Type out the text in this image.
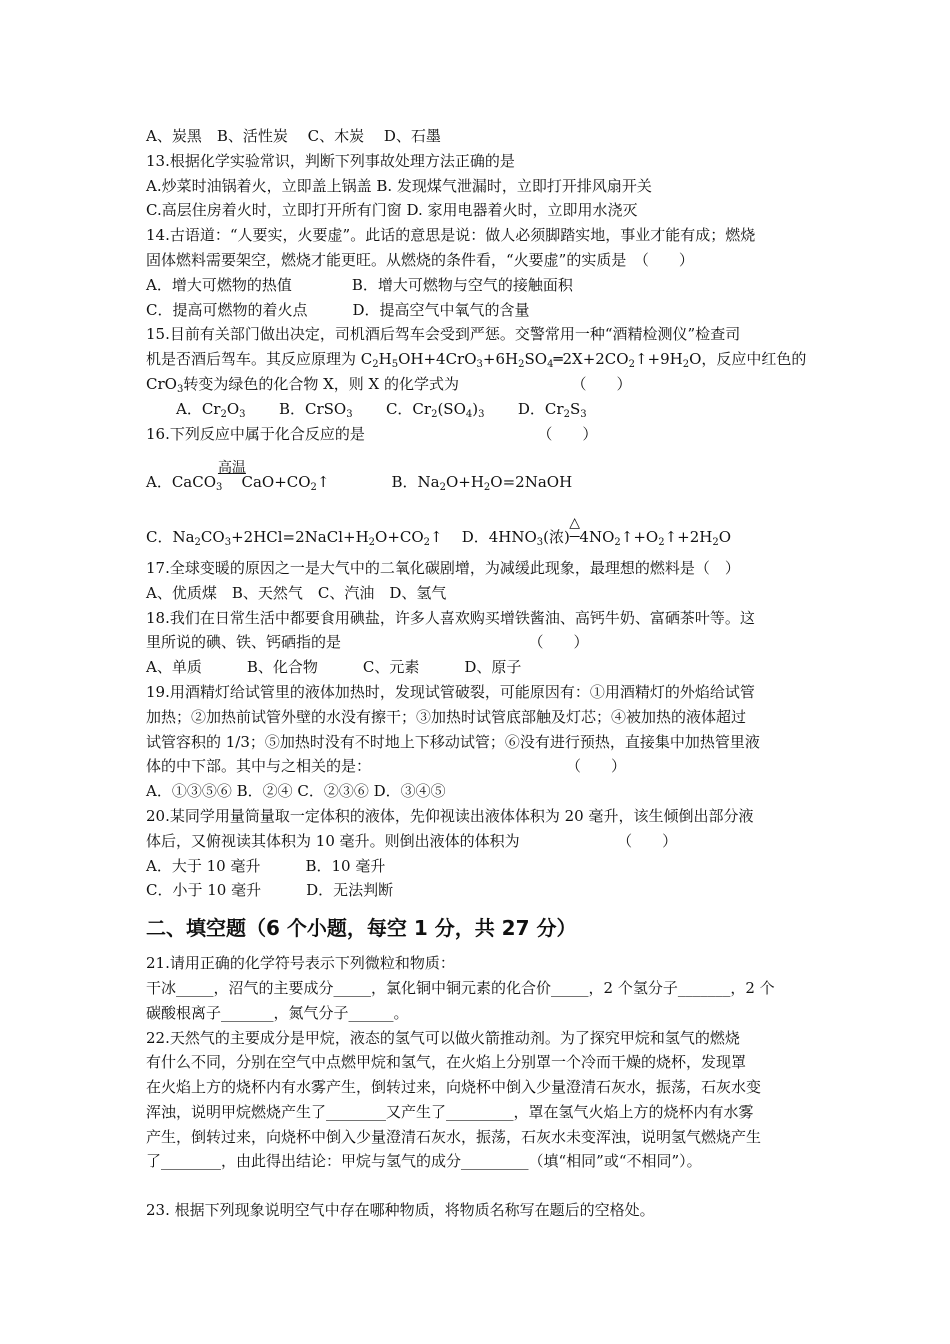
A、炭黑　B、活性炭　 C、木炭　 D、石墨
13.根据化学实验常识，判断下列事故处理方法正确的是
A.炒菜时油锅着火，立即盖上锅盖 B. 发现煤气泄漏时，立即打开排风扇开关
C.高层住房着火时，立即打开所有门窗 D. 家用电器着火时，立即用水浇灭
14.古语道：“人要实，火要虚”。此话的意思是说：做人必须脚踏实地，事业才能有成；燃烧
固体燃料需要架空，燃烧才能更旺。从燃烧的条件看，“火要虚”的实质是　（　　）
A．增大可燃物的热值　　　　B．增大可燃物与空气的接触面积
C．提高可燃物的着火点　　　D．提高空气中氧气的含量
15.目前有关部门做出决定，司机酒后驾车会受到严惩。交警常用一种“酒精检测仪”检查司
机是否酒后驾车。其反应原理为 $C_2H_5OH+4CrO_3+6H_2SO_4═2X+2CO_2↑+9H_2O$，反应中红色的
CrO$_3$转变为绿色的化合物 X，则 X 的化学式为　　　　　　　　（　　）
A．$Cr_2O_3$ B．CrSO$_3$ C．$Cr_2(SO_4)_3$ D．$Cr_2S_3$
16.下列反应中属于化合反应的是　　　　　　　　　　　　（　　）
A．CaCO$_3$
高温
$CaO+CO_2↑$	B．$Na_2O+H_2O=2NaOH$
C．$Na_2CO_3+2HCl=2NaCl+H_2O+CO_2↑$ D．$4HNO_3$(浓)
△
$4NO_2↑+O_2↑+2H_2O$
17.全球变暖的原因之一是大气中的二氧化碳剧增，为减缓此现象，最理想的燃料是（　）
A、优质煤　B、天然气　C、汽油　D、氢气
18.我们在日常生活中都要食用碘盐，许多人喜欢购买增铁酱油、高钙牛奶、富硒茶叶等。这
里所说的碘、铁、钙硒指的是　　　　　　　　　　　　　（　　）
A、单质　　　B、化合物　　　C、元素　　　D、原子
19.用酒精灯给试管里的液体加热时，发现试管破裂，可能原因有：①用酒精灯的外焰给试管
加热；②加热前试管外壁的水没有擦干；③加热时试管底部触及灯芯；④被加热的液体超过
试管容积的 1/3；⑤加热时没有不时地上下移动试管；⑥没有进行预热，直接集中加热管里液
体的中下部。其中与之相关的是：　　　　　　　　　　　　　　（　　）
A．①③⑤⑥ B．②④ C．②③⑥ D．③④⑤
20.某同学用量筒量取一定体积的液体，先仰视读出液体体积为 20 毫升，该生倾倒出部分液
体后，又俯视读其体积为 10 毫升。则倒出液体的体积为　　　　　　　（　　）
A．大于 10 毫升　　　B．10 毫升
C．小于 10 毫升　　　D．无法判断
二、填空题（6 个小题，每空 1 分，共 27 分）
21.请用正确的化学符号表示下列微粒和物质：
干冰_____，沼气的主要成分_____，氯化铜中铜元素的化合价_____，2 个氢分子_______，2 个
碳酸根离子_______，氮气分子______。
22.天然气的主要成分是甲烷，液态的氢气可以做火箭推动剂。为了探究甲烷和氢气的燃烧
有什么不同，分别在空气中点燃甲烷和氢气，在火焰上分别罩一个冷而干燥的烧杯，发现罩
在火焰上方的烧杯内有水雾产生，倒转过来，向烧杯中倒入少量澄清石灰水，振荡，石灰水变
浑浊，说明甲烷燃烧产生了________又产生了_________，罩在氢气火焰上方的烧杯内有水雾
产生，倒转过来，向烧杯中倒入少量澄清石灰水，振荡，石灰水未变浑浊，说明氢气燃烧产生
了________，由此得出结论：甲烷与氢气的成分_________（填“相同”或“不相同”）。
23. 根据下列现象说明空气中存在哪种物质，将物质名称写在题后的空格处。
